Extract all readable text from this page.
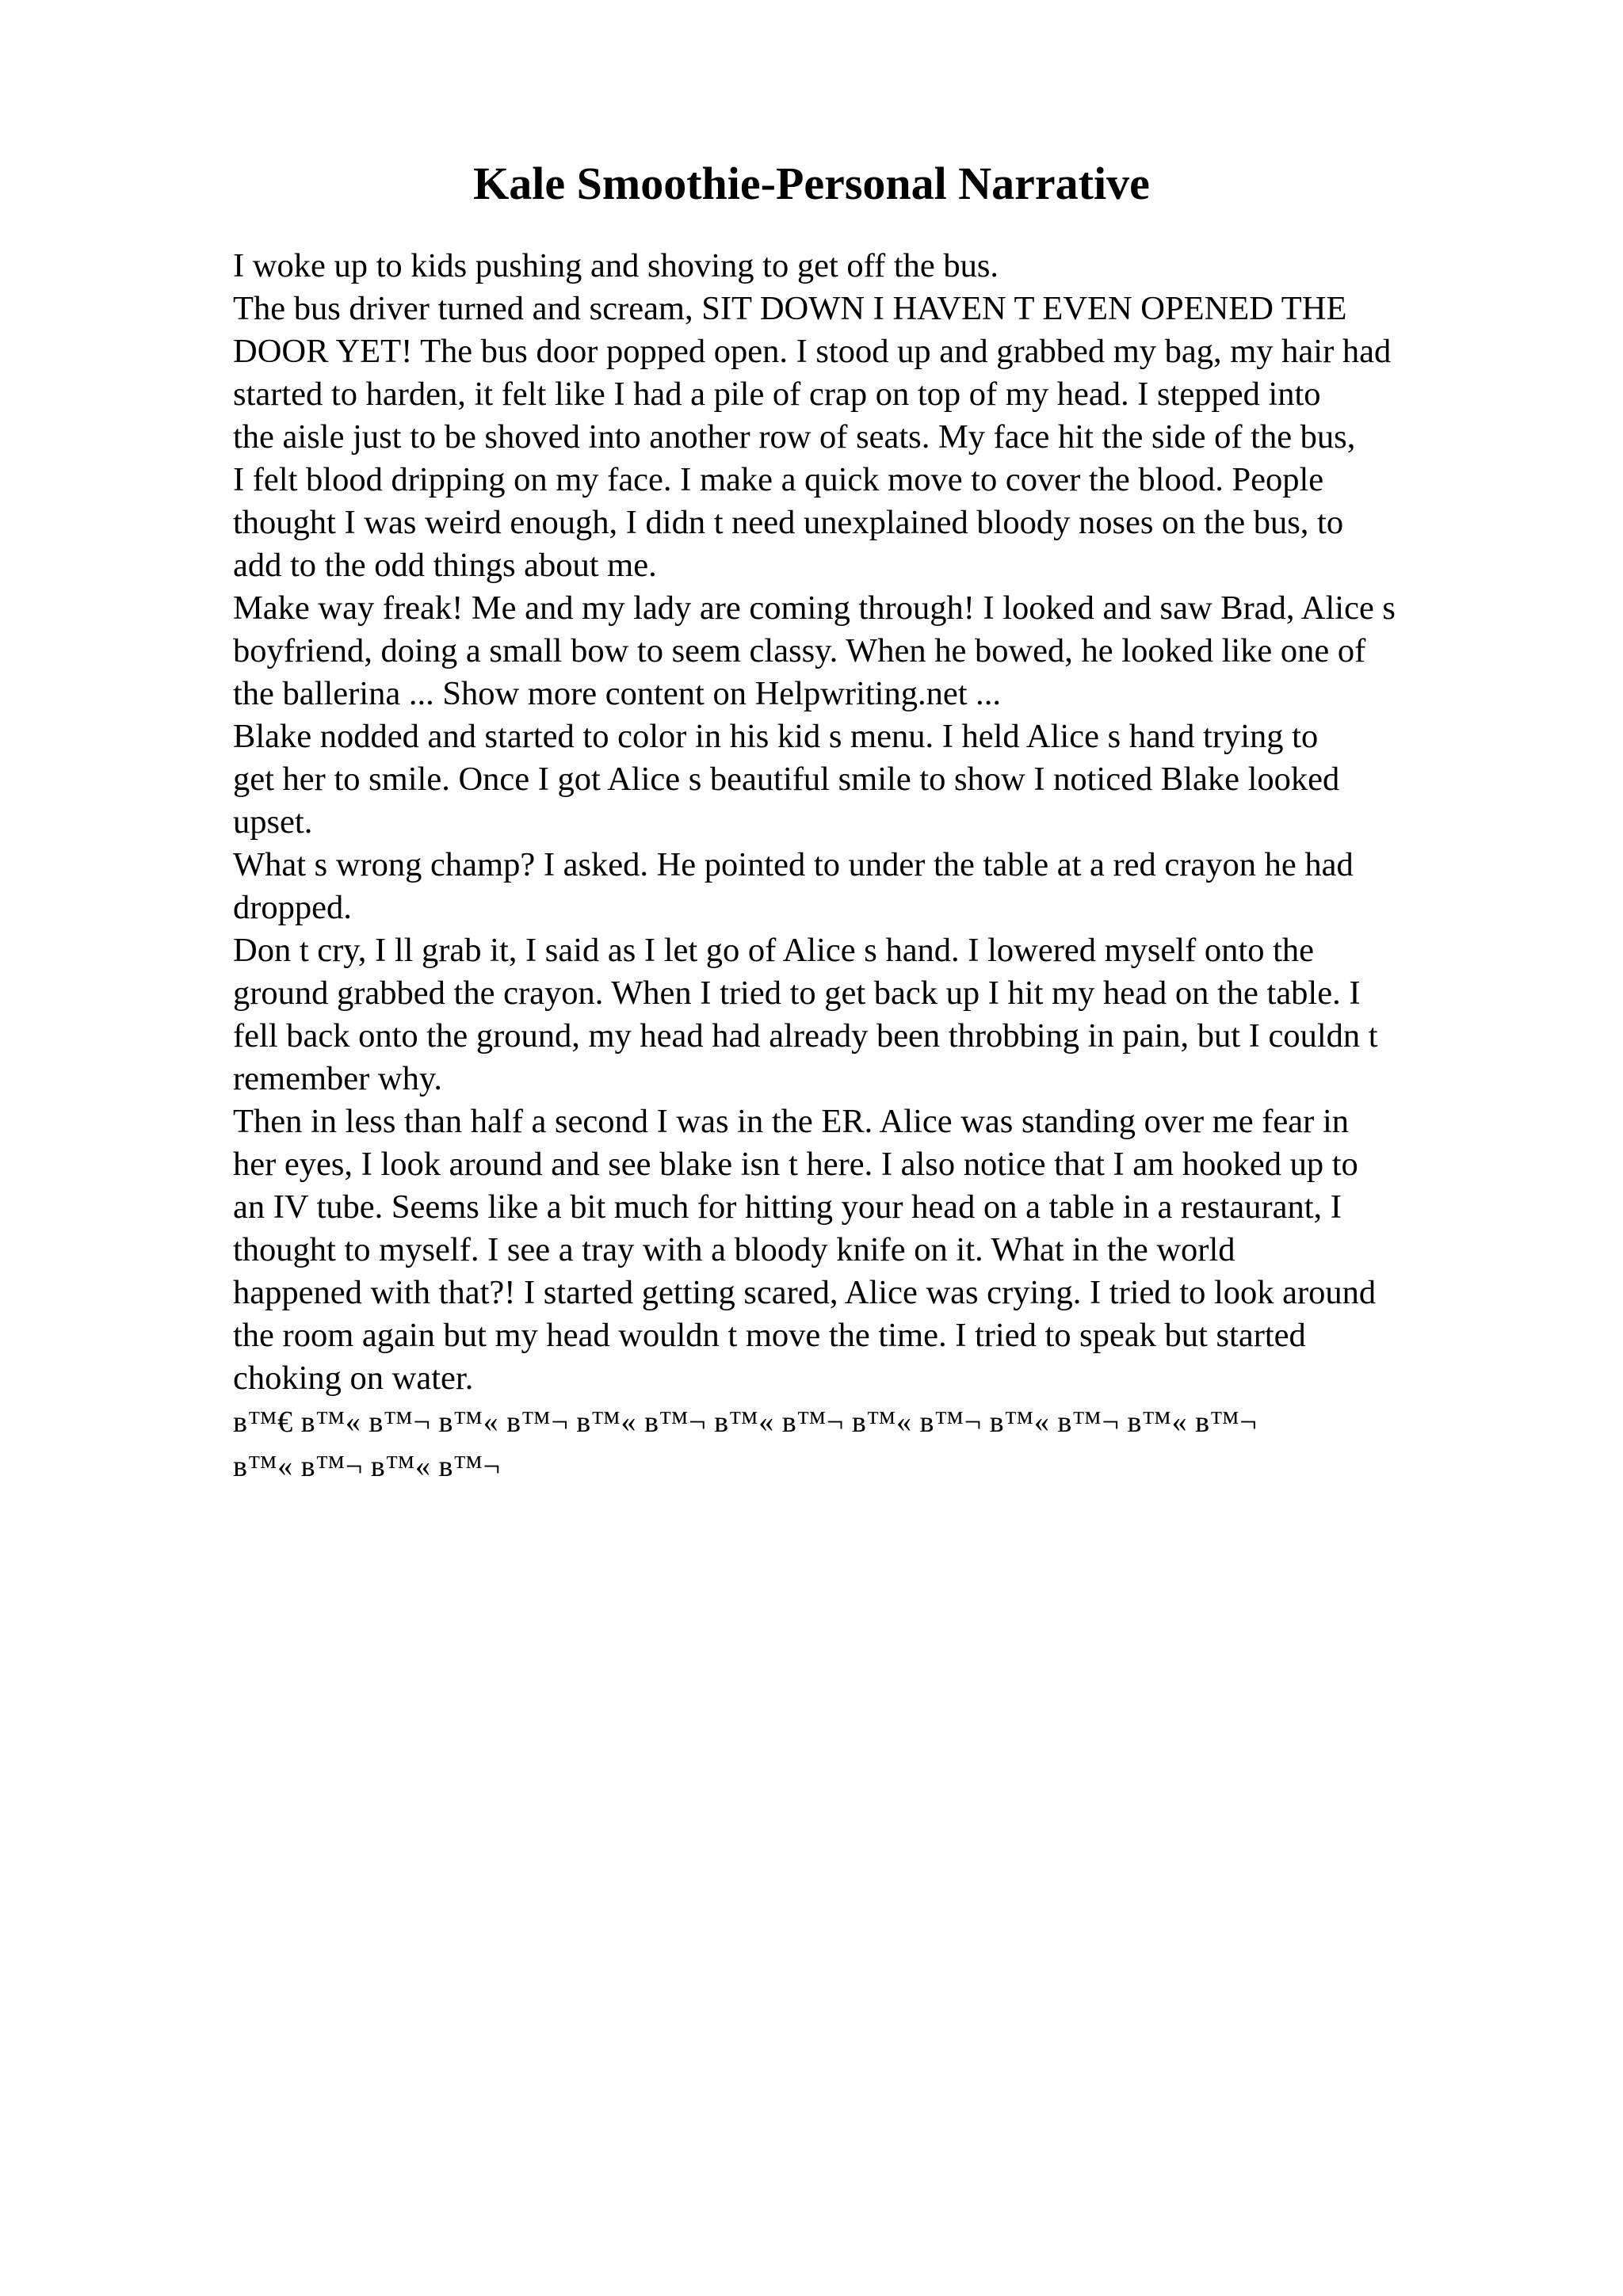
Kale Smoothie-Personal Narrative

I woke up to kids pushing and shoving to get off the bus.

The bus driver turned and scream, SIT DOWN I HAVEN T EVEN OPENED THE

DOOR YET! The bus door popped open. I stood up and grabbed my bag, my hair had

started to harden, it felt like I had a pile of crap on top of my head. I stepped into

the aisle just to be shoved into another row of seats. My face hit the side of the bus,

I felt blood dripping on my face. I make a quick move to cover the blood. People

thought I was weird enough, I didn t need unexplained bloody noses on the bus, to

add to the odd things about me.

Make way freak! Me and my lady are coming through! I looked and saw Brad, Alice s

boyfriend, doing a small bow to seem classy. When he bowed, he looked like one of

the ballerina ... Show more content on Helpwriting.net ...

Blake nodded and started to color in his kid s menu. I held Alice s hand trying to

get her to smile. Once I got Alice s beautiful smile to show I noticed Blake looked

upset.

What s wrong champ? I asked. He pointed to under the table at a red crayon he had

dropped.

Don t cry, I ll grab it, I said as I let go of Alice s hand. I lowered myself onto the

ground grabbed the crayon. When I tried to get back up I hit my head on the table. I

fell back onto the ground, my head had already been throbbing in pain, but I couldn t

remember why.

Then in less than half a second I was in the ER. Alice was standing over me fear in

her eyes, I look around and see blake isn t here. I also notice that I am hooked up to

an IV tube. Seems like a bit much for hitting your head on a table in a restaurant, I

thought to myself. I see a tray with a bloody knife on it. What in the world

happened with that?! I started getting scared, Alice was crying. I tried to look around

the room again but my head wouldn t move the time. I tried to speak but started

choking on water.

в™€ в™« в™¬ в™« в™¬ в™« в™¬ в™« в™¬ в™« в™¬ в™« в™¬ в™« в™¬

в™« в™¬ в™« в™¬
